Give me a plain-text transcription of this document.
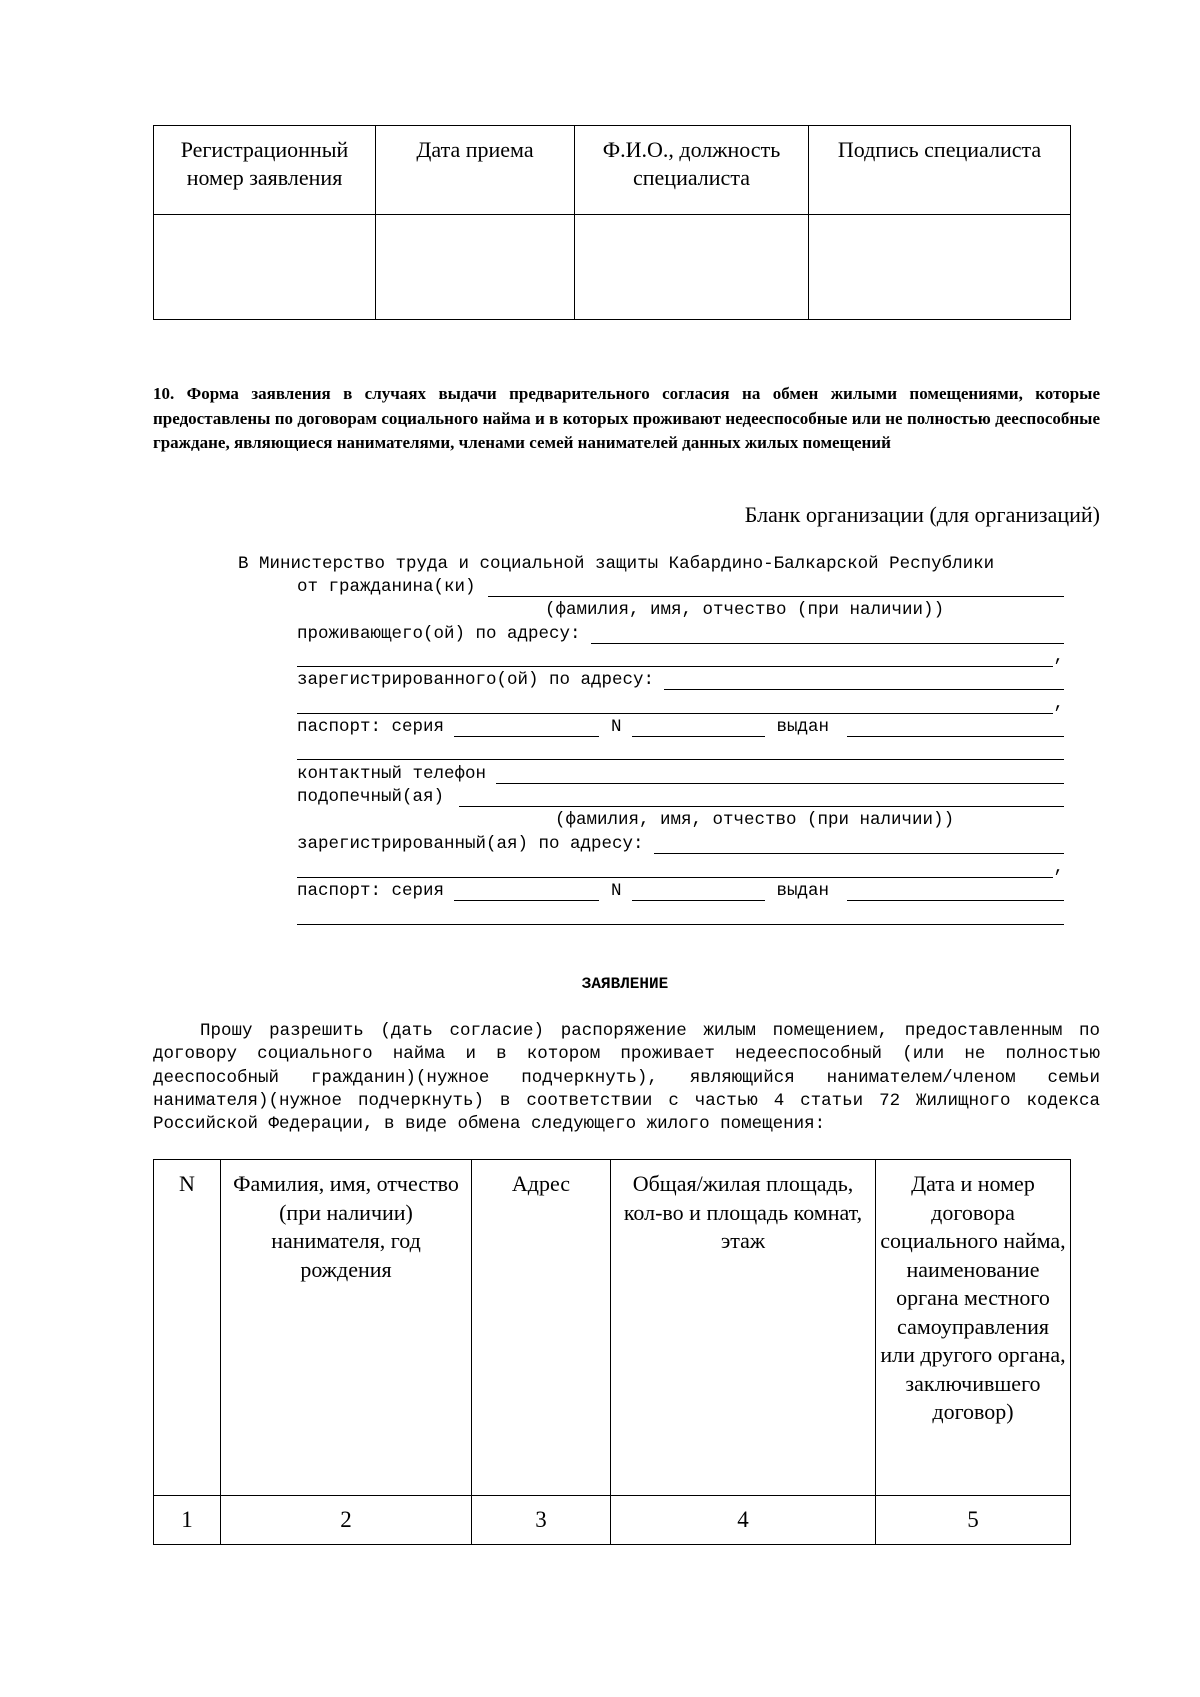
Регистрационный номер заявления	Дата приема	Ф.И.О., должность специалиста	Подпись специалиста

10. Форма заявления в случаях выдачи предварительного согласия на обмен жилыми помещениями, которые предоставлены по договорам социального найма и в которых проживают недееспособные или не полностью дееспособные граждане, являющиеся нанимателями, членами семей нанимателей данных жилых помещений
Бланк организации (для организаций)
В Министерство труда и социальной защиты Кабардино-Балкарской Республики
от гражданина(ки)
(фамилия, имя, отчество (при наличии))
проживающего(ой) по адресу:
,
зарегистрированного(ой) по адресу:
,
паспорт: серия	N	выдан
контактный телефон
подопечный(ая)
(фамилия, имя, отчество (при наличии))
зарегистрированный(ая) по адресу:
,
паспорт: серия	N	выдан
ЗАЯВЛЕНИЕ
Прошу разрешить (дать согласие) распоряжение жилым помещением, предоставленным по договору социального найма и в котором проживает недееспособный (или не полностью дееспособный гражданин)(нужное подчеркнуть), являющийся нанимателем/членом семьи нанимателя)(нужное подчеркнуть) в соответствии с частью 4 статьи 72 Жилищного кодекса Российской Федерации, в виде обмена следующего жилого помещения:
N	Фамилия, имя, отчество (при наличии) нанимателя, год рождения	Адрес	Общая/жилая площадь, кол-во и площадь комнат, этаж	Дата и номер договора социального найма, наименование органа местного самоуправления или другого органа, заключившего договор)
1	2	3	4	5
